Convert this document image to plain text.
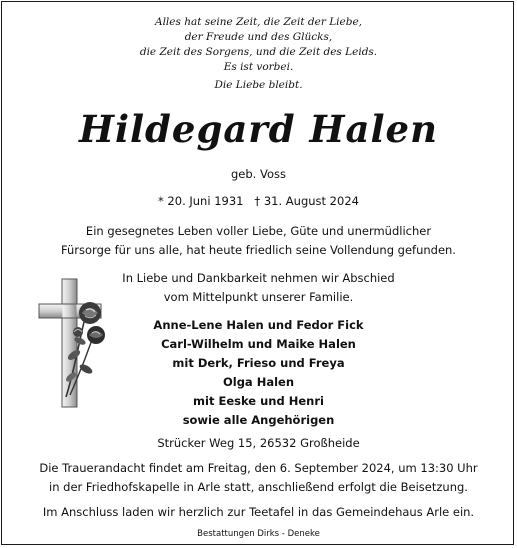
Alles hat seine Zeit, die Zeit der Liebe,
der Freude und des Glücks,
die Zeit des Sorgens, und die Zeit des Leids.
Es ist vorbei.
Die Liebe bleibt.
Hildegard Halen
geb. Voss
* 20. Juni 1931   † 31. August 2024
Ein gesegnetes Leben voller Liebe, Güte und unermüdlicher
Fürsorge für uns alle, hat heute friedlich seine Vollendung gefunden.
In Liebe und Dankbarkeit nehmen wir Abschied
vom Mittelpunkt unserer Familie.
Anne-Lene Halen und Fedor Fick
Carl-Wilhelm und Maike Halen
mit Derk, Frieso und Freya
Olga Halen
mit Eeske und Henri
sowie alle Angehörigen
Strücker Weg 15, 26532 Großheide
Die Trauerandacht findet am Freitag, den 6. September 2024, um 13:30 Uhr
in der Friedhofskapelle in Arle statt, anschließend erfolgt die Beisetzung.
Im Anschluss laden wir herzlich zur Teetafel in das Gemeindehaus Arle ein.
Bestattungen Dirks - Deneke
